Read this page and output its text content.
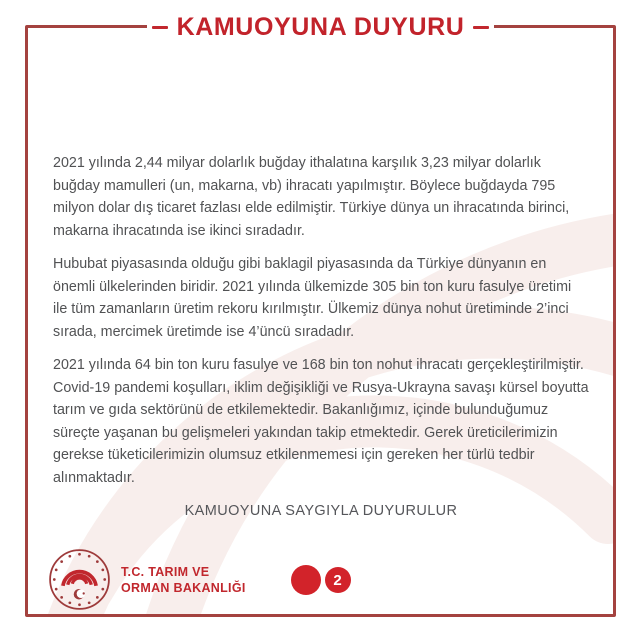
KAMUOYUNA DUYURU

2021 yılında 2,44 milyar dolarlık buğday ithalatına karşılık 3,23 milyar dolarlık buğday mamulleri (un, makarna, vb) ihracatı yapılmıştır. Böylece buğdayda 795 milyon dolar dış ticaret fazlası elde edilmiştir. Türkiye dünya un ihracatında birinci, makarna ihracatında ise ikinci sıradadır.

Hububat piyasasında olduğu gibi baklagil piyasasında da Türkiye dünyanın en önemli ülkelerinden biridir. 2021 yılında ülkemizde 305 bin ton kuru fasulye üretimi ile tüm zamanların üretim rekoru kırılmıştır. Ülkemiz dünya nohut üretiminde 2’inci sırada, mercimek üretimde ise 4’üncü sıradadır.

2021 yılında 64 bin ton kuru fasulye ve 168 bin ton nohut ihracatı gerçekleştirilmiştir. Covid-19 pandemi koşulları, iklim değişikliği ve Rusya-Ukrayna savaşı kürsel boyutta tarım ve gıda sektörünü de etkilemektedir. Bakanlığımız, içinde bulunduğumuz süreçte yaşanan bu gelişmeleri yakından takip etmektedir. Gerek üreticilerimizin gerekse tüketicilerimizin olumsuz etkilenmemesi için gereken her türlü tedbir alınmaktadır.

KAMUOYUNA SAYGIYLA DUYURULUR

T.C. TARIM VE
ORMAN BAKANLIĞI	2
